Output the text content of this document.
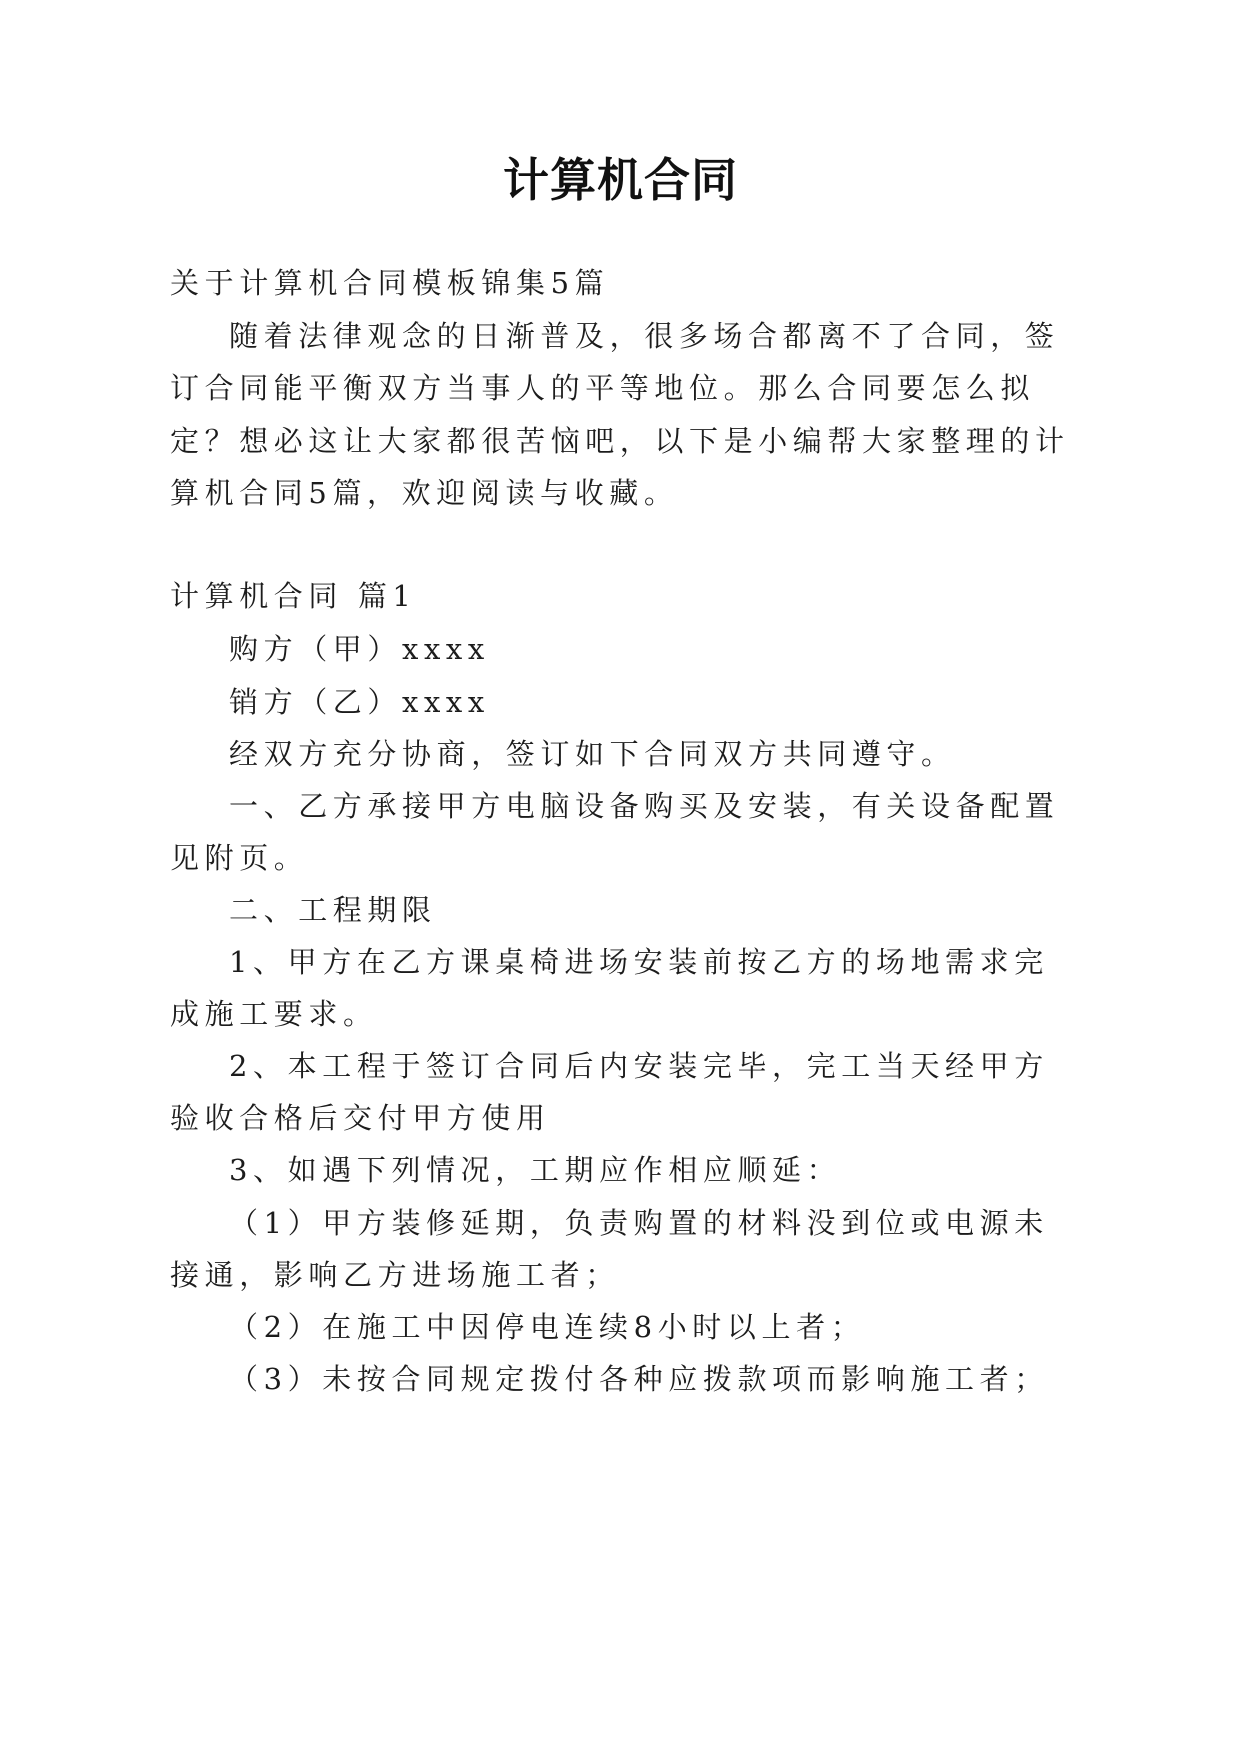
计算机合同
关于计算机合同模板锦集5篇
随着法律观念的日渐普及，很多场合都离不了合同，签
订合同能平衡双方当事人的平等地位。那么合同要怎么拟
定？想必这让大家都很苦恼吧，以下是小编帮大家整理的计
算机合同5篇，欢迎阅读与收藏。
计算机合同 篇1
购方（甲）xxxx
销方（乙）xxxx
经双方充分协商，签订如下合同双方共同遵守。
一、乙方承接甲方电脑设备购买及安装，有关设备配置
见附页。
二、工程期限
1、甲方在乙方课桌椅进场安装前按乙方的场地需求完
成施工要求。
2、本工程于签订合同后内安装完毕，完工当天经甲方
验收合格后交付甲方使用
3、如遇下列情况，工期应作相应顺延：
（1）甲方装修延期，负责购置的材料没到位或电源未
接通，影响乙方进场施工者；
（2）在施工中因停电连续8小时以上者；
（3）未按合同规定拨付各种应拨款项而影响施工者；
